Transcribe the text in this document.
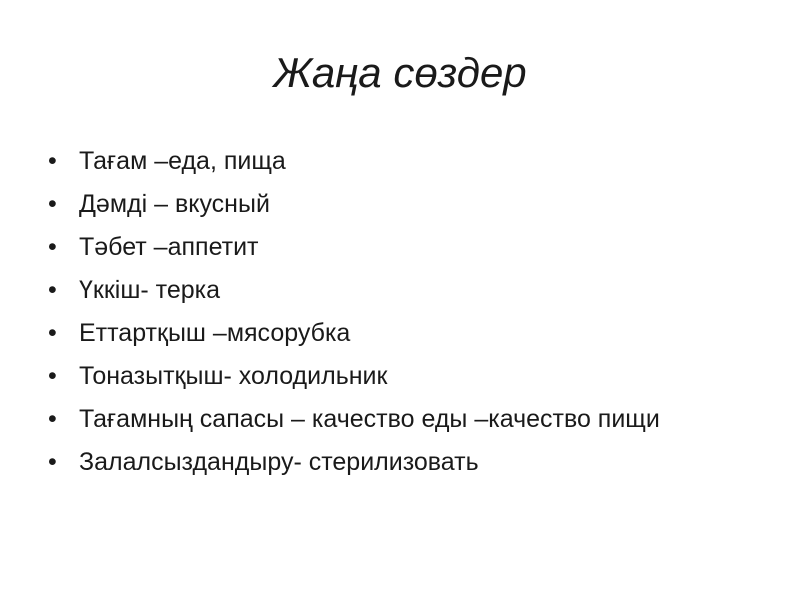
Жаңа сөздер
• Тағам –еда, пища
• Дәмді – вкусный
• Тәбет –аппетит
• Үккіш- терка
• Еттартқыш –мясорубка
• Тоназытқыш- холодильник
• Тағамның сапасы – качество еды –качество пищи
• Залалсыздандыру- стерилизовать
